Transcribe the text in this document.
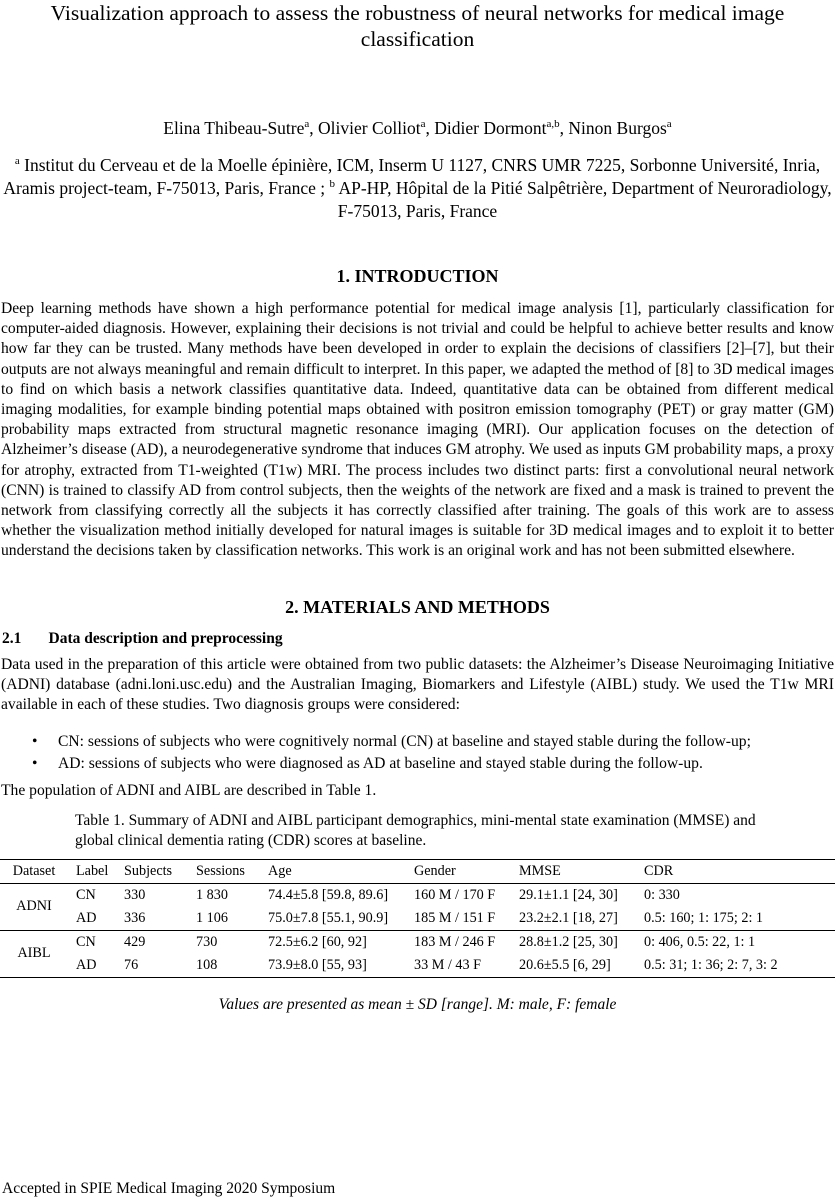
Visualization approach to assess the robustness of neural networks for medical image classification
Elina Thibeau-Sutre$^a$, Olivier Colliot$^a$, Didier Dormont$^{a,b}$, Ninon Burgos$^a$
$^a$ Institut du Cerveau et de la Moelle épinière, ICM, Inserm U 1127, CNRS UMR 7225, Sorbonne Université, Inria, Aramis project-team, F-75013, Paris, France ; $^b$ AP-HP, Hôpital de la Pitié Salpêtrière, Department of Neuroradiology, F-75013, Paris, France
1. INTRODUCTION
Deep learning methods have shown a high performance potential for medical image analysis [1], particularly classification for computer-aided diagnosis. However, explaining their decisions is not trivial and could be helpful to achieve better results and know how far they can be trusted. Many methods have been developed in order to explain the decisions of classifiers [2]–[7], but their outputs are not always meaningful and remain difficult to interpret. In this paper, we adapted the method of [8] to 3D medical images to find on which basis a network classifies quantitative data. Indeed, quantitative data can be obtained from different medical imaging modalities, for example binding potential maps obtained with positron emission tomography (PET) or gray matter (GM) probability maps extracted from structural magnetic resonance imaging (MRI). Our application focuses on the detection of Alzheimer’s disease (AD), a neurodegenerative syndrome that induces GM atrophy. We used as inputs GM probability maps, a proxy for atrophy, extracted from T1-weighted (T1w) MRI. The process includes two distinct parts: first a convolutional neural network (CNN) is trained to classify AD from control subjects, then the weights of the network are fixed and a mask is trained to prevent the network from classifying correctly all the subjects it has correctly classified after training. The goals of this work are to assess whether the visualization method initially developed for natural images is suitable for 3D medical images and to exploit it to better understand the decisions taken by classification networks. This work is an original work and has not been submitted elsewhere.
2. MATERIALS AND METHODS
2.1       Data description and preprocessing
Data used in the preparation of this article were obtained from two public datasets: the Alzheimer’s Disease Neuroimaging Initiative (ADNI) database (adni.loni.usc.edu) and the Australian Imaging, Biomarkers and Lifestyle (AIBL) study. We used the T1w MRI available in each of these studies. Two diagnosis groups were considered:
• CN: sessions of subjects who were cognitively normal (CN) at baseline and stayed stable during the follow-up;
• AD: sessions of subjects who were diagnosed as AD at baseline and stayed stable during the follow-up.
The population of ADNI and AIBL are described in Table 1.
Table 1. Summary of ADNI and AIBL participant demographics, mini-mental state examination (MMSE) and global clinical dementia rating (CDR) scores at baseline.
Dataset	Label	Subjects	Sessions	Age	Gender	MMSE	CDR
ADNI	CN	330	1 830	74.4±5.8 [59.8, 89.6]	160 M / 170 F	29.1±1.1 [24, 30]	0: 330
	AD	336	1 106	75.0±7.8 [55.1, 90.9]	185 M / 151 F	23.2±2.1 [18, 27]	0.5: 160; 1: 175; 2: 1
AIBL	CN	429	730	72.5±6.2 [60, 92]	183 M / 246 F	28.8±1.2 [25, 30]	0: 406, 0.5: 22, 1: 1
	AD	76	108	73.9±8.0 [55, 93]	33 M / 43 F	20.6±5.5 [6, 29]	0.5: 31; 1: 36; 2: 7, 3: 2
Values are presented as mean ± SD [range]. M: male, F: female
Accepted in SPIE Medical Imaging 2020 Symposium
